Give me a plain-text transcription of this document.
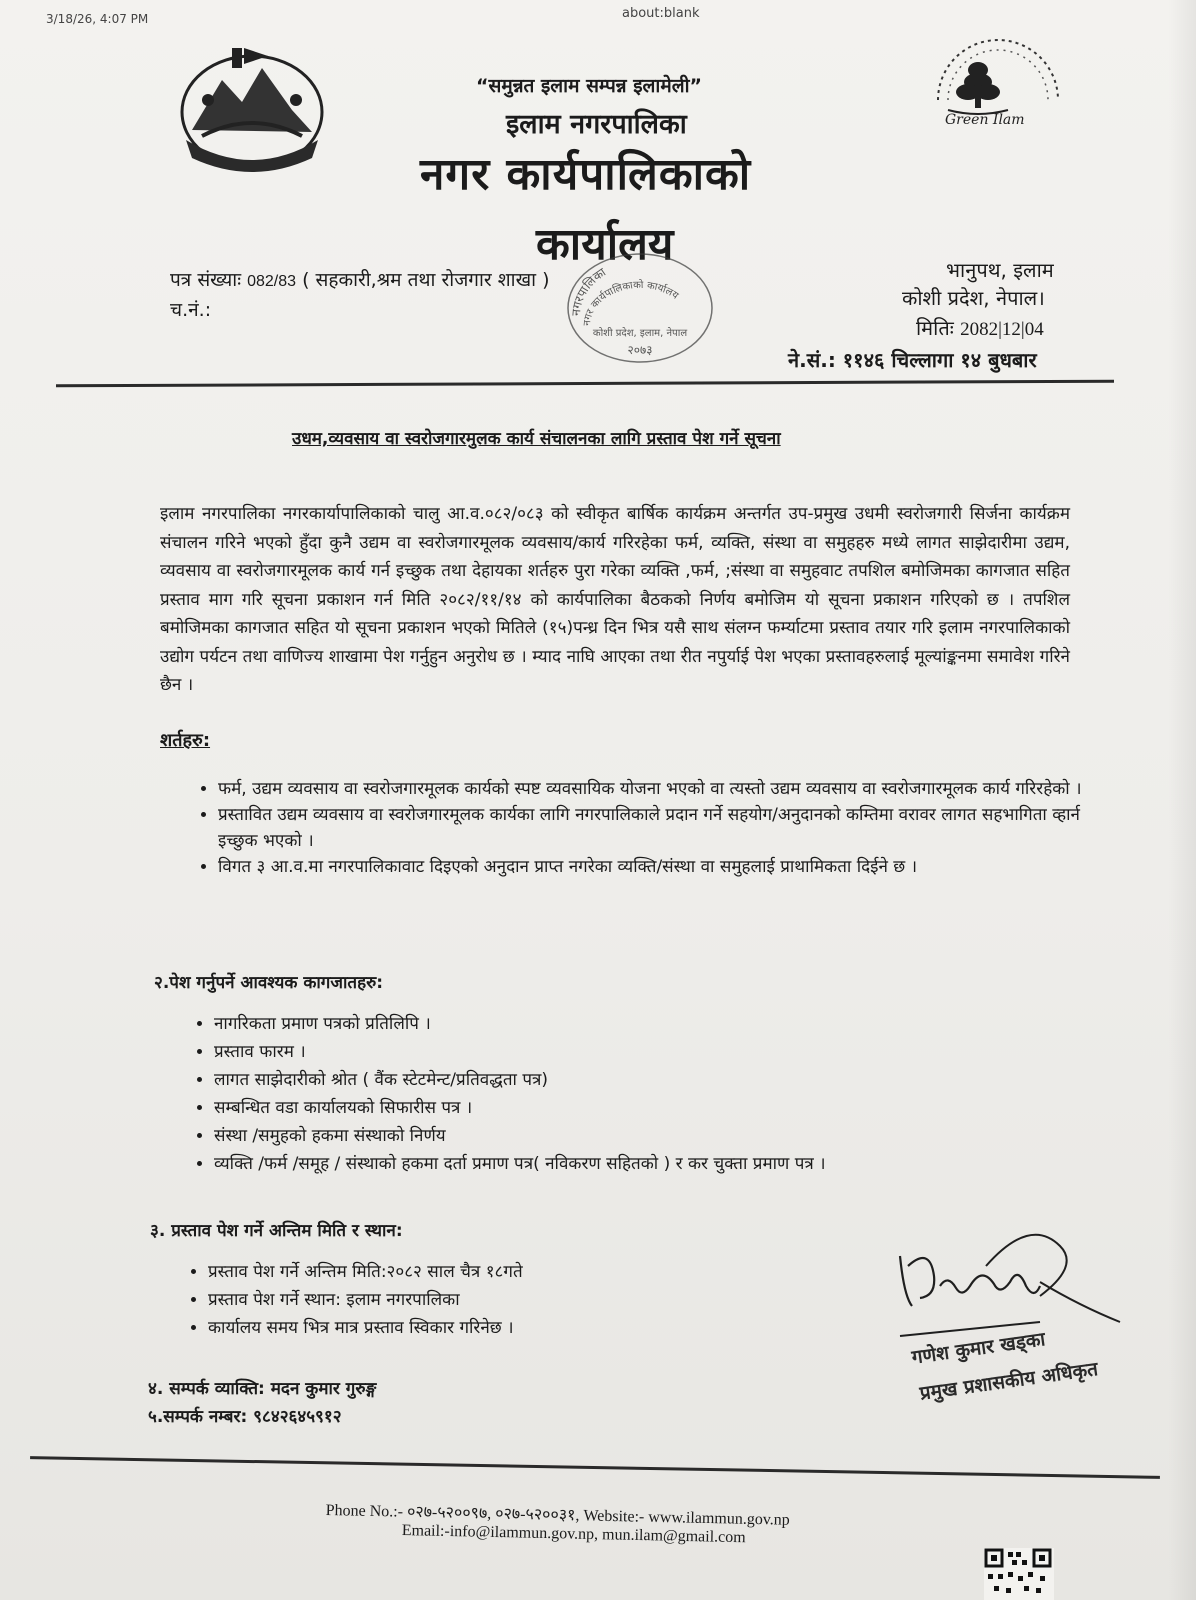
3/18/26, 4:07 PM	about:blank
Green Ilam
“समुन्नत इलाम सम्पन्न इलामेली”
इलाम नगरपालिका
नगर कार्यपालिकाको
कार्यालय
पत्र संख्याः 082/83 ( सहकारी,श्रम तथा रोजगार शाखा )
च.नं.:	नगरपालिका
नगर कार्यपालिकाको कार्यालय
कोशी प्रदेश, इलाम, नेपाल
२०७३
भानुपथ, इलाम
कोशी प्रदेश, नेपाल।
मितिः 2082|12|04
ने.सं.: ११४६ चिल्लागा १४ बुधबार
उधम,व्यवसाय वा स्वरोजगारमुलक कार्य संचालनका लागि प्रस्ताव पेश गर्ने सूचना
इलाम नगरपालिका नगरकार्यापालिकाको चालु आ.व.०८२/०८३ को स्वीकृत बार्षिक कार्यक्रम अन्तर्गत उप-प्रमुख उधमी स्वरोजगारी सिर्जना कार्यक्रम संचालन गरिने भएको हुँदा कुनै उद्यम वा स्वरोजगारमूलक व्यवसाय/कार्य गरिरहेका फर्म, व्यक्ति, संस्था वा समुहहरु मध्ये लागत साझेदारीमा उद्यम, व्यवसाय वा स्वरोजगारमूलक कार्य गर्न इच्छुक तथा देहायका शर्तहरु पुरा गरेका व्यक्ति ,फर्म, ;संस्था वा समुहवाट तपशिल बमोजिमका कागजात सहित प्रस्ताव माग गरि सूचना प्रकाशन गर्न मिति २०८२/११/१४ को कार्यपालिका बैठकको निर्णय बमोजिम यो सूचना प्रकाशन गरिएको छ । तपशिल बमोजिमका कागजात सहित यो सूचना प्रकाशन भएको मितिले (१५)पन्ध्र दिन भित्र यसै साथ संलग्न फर्म्याटमा प्रस्ताव तयार गरि इलाम नगरपालिकाको उद्योग पर्यटन तथा वाणिज्य शाखामा पेश गर्नुहुन अनुरोध छ । म्याद नाघि आएका तथा रीत नपुर्याई पेश भएका प्रस्तावहरुलाई मूल्यांङ्कनमा समावेश गरिने छैन ।
शर्तहरु:
• फर्म, उद्यम व्यवसाय वा स्वरोजगारमूलक कार्यको स्पष्ट व्यवसायिक योजना भएको वा त्यस्तो उद्यम व्यवसाय वा स्वरोजगारमूलक कार्य गरिरहेको ।
• प्रस्तावित उद्यम व्यवसाय वा स्वरोजगारमूलक कार्यका लागि नगरपालिकाले प्रदान गर्ने सहयोग/अनुदानको कम्तिमा वरावर लागत सहभागिता व्हार्न इच्छुक भएको ।
• विगत ३ आ.व.मा नगरपालिकावाट दिइएको अनुदान प्राप्त नगरेका व्यक्ति/संस्था वा समुहलाई प्राथामिकता दिईने छ ।
२.पेश गर्नुपर्ने आवश्यक कागजातहरु:
• नागरिकता प्रमाण पत्रको प्रतिलिपि ।
• प्रस्ताव फारम ।
• लागत साझेदारीको श्रोत ( वैंक स्टेटमेन्ट/प्रतिवद्धता पत्र)
• सम्बन्धित वडा कार्यालयको सिफारीस पत्र ।
• संस्था /समुहको हकमा संस्थाको निर्णय
• व्यक्ति /फर्म /समूह / संस्थाको हकमा दर्ता प्रमाण पत्र( नविकरण सहितको ) र कर चुक्ता प्रमाण पत्र ।
३. प्रस्ताव पेश गर्ने अन्तिम मिति र स्थान:
• प्रस्ताव पेश गर्ने अन्तिम मिति:२०८२ साल चैत्र १८गते
• प्रस्ताव पेश गर्ने स्थान: इलाम नगरपालिका
• कार्यालय समय भित्र मात्र प्रस्ताव स्विकार गरिनेछ ।
४. सम्पर्क व्याक्ति: मदन कुमार गुरुङ्ग
५.सम्पर्क नम्बर: ९८४२६४५९१२
गणेश कुमार खड्का
प्रमुख प्रशासकीय अधिकृत
Phone No.:- ०२७-५२००९७, ०२७-५२००३१, Website:- www.ilammun.gov.np
Email:-info@ilammun.gov.np, mun.ilam@gmail.com
